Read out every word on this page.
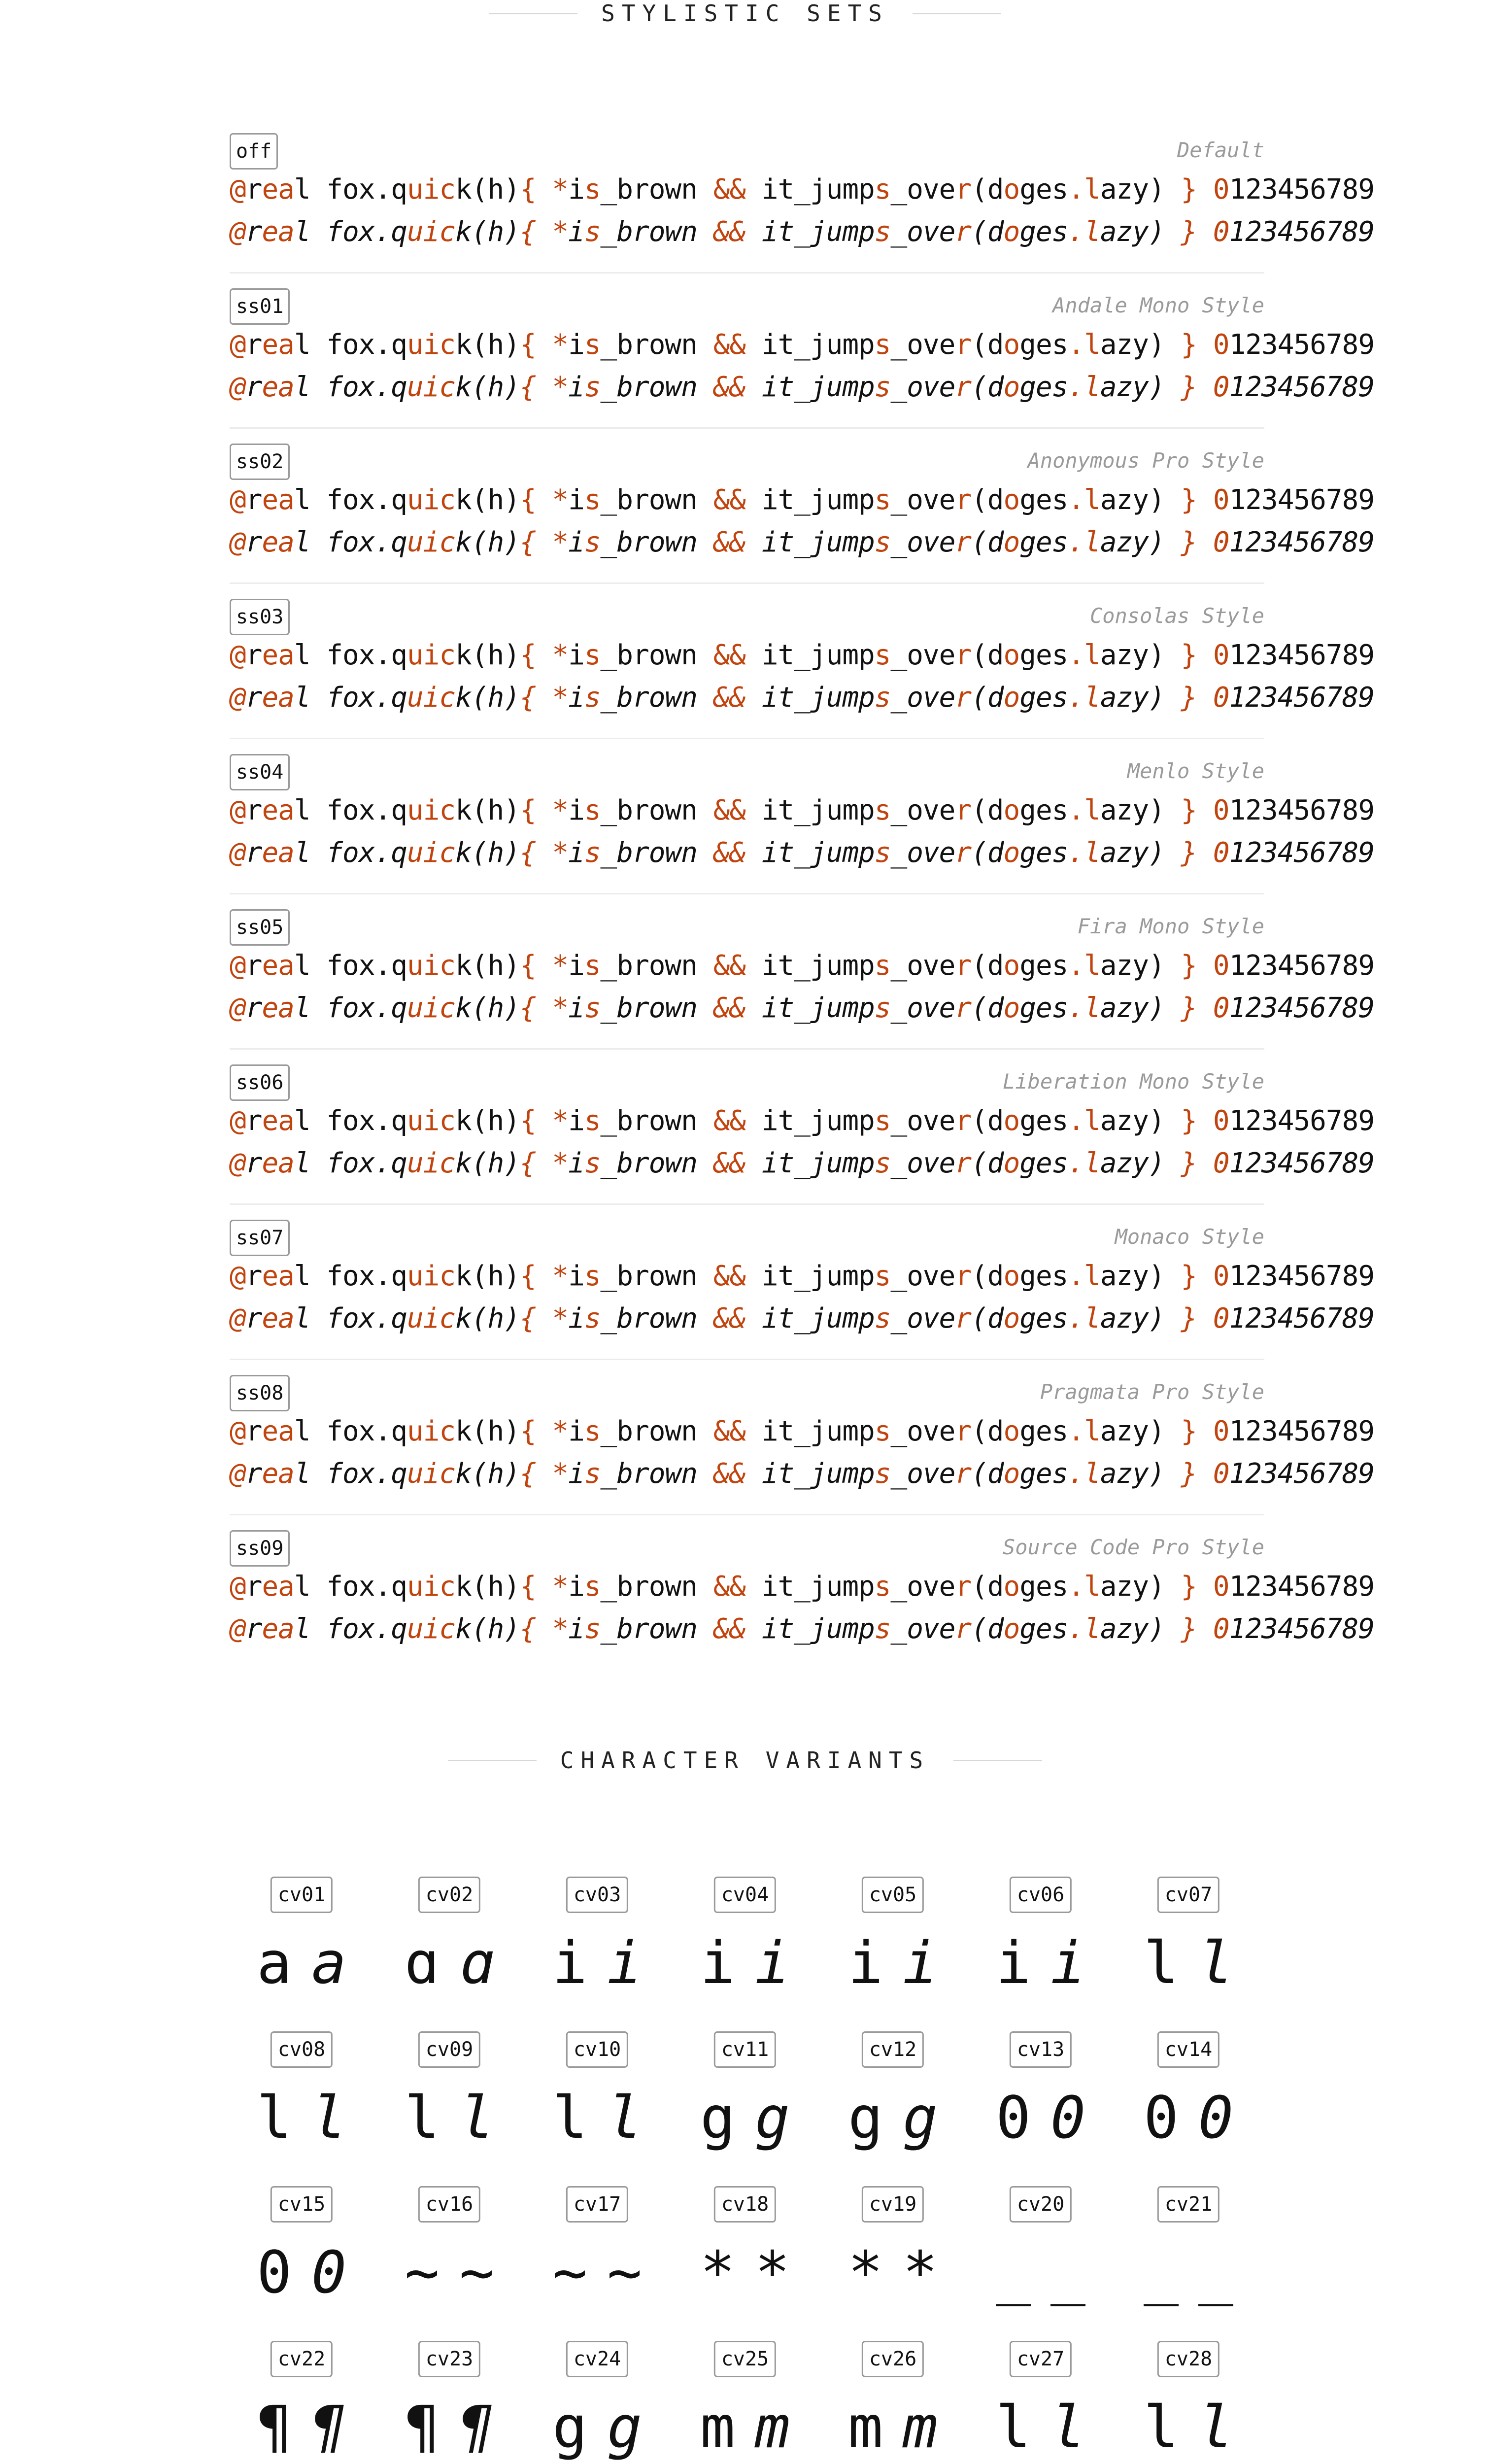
STYLISTIC SETS
off	Default
@real fox.quick(h){ *is_brown && it_jumps_over(doges.lazy) } 0123456789
@real fox.quick(h){ *is_brown && it_jumps_over(doges.lazy) } 0123456789
ss01	Andale Mono Style
@real fox.quick(h){ *is_brown && it_jumps_over(doges.lazy) } 0123456789
@real fox.quick(h){ *is_brown && it_jumps_over(doges.lazy) } 0123456789
ss02	Anonymous Pro Style
@real fox.quick(h){ *is_brown && it_jumps_over(doges.lazy) } 0123456789
@real fox.quick(h){ *is_brown && it_jumps_over(doges.lazy) } 0123456789
ss03	Consolas Style
@real fox.quick(h){ *is_brown && it_jumps_over(doges.lazy) } 0123456789
@real fox.quick(h){ *is_brown && it_jumps_over(doges.lazy) } 0123456789
ss04	Menlo Style
@real fox.quick(h){ *is_brown && it_jumps_over(doges.lazy) } 0123456789
@real fox.quick(h){ *is_brown && it_jumps_over(doges.lazy) } 0123456789
ss05	Fira Mono Style
@real fox.quick(h){ *is_brown && it_jumps_over(doges.lazy) } 0123456789
@real fox.quick(h){ *is_brown && it_jumps_over(doges.lazy) } 0123456789
ss06	Liberation Mono Style
@real fox.quick(h){ *is_brown && it_jumps_over(doges.lazy) } 0123456789
@real fox.quick(h){ *is_brown && it_jumps_over(doges.lazy) } 0123456789
ss07	Monaco Style
@real fox.quick(h){ *is_brown && it_jumps_over(doges.lazy) } 0123456789
@real fox.quick(h){ *is_brown && it_jumps_over(doges.lazy) } 0123456789
ss08	Pragmata Pro Style
@real fox.quick(h){ *is_brown && it_jumps_over(doges.lazy) } 0123456789
@real fox.quick(h){ *is_brown && it_jumps_over(doges.lazy) } 0123456789
ss09	Source Code Pro Style
@real fox.quick(h){ *is_brown && it_jumps_over(doges.lazy) } 0123456789
@real fox.quick(h){ *is_brown && it_jumps_over(doges.lazy) } 0123456789
CHARACTER VARIANTS
cv01
a a
cv02
ɑ ɑ
cv03
i i
cv04
i i
cv05
i i
cv06
i i
cv07
l l
cv08
l l
cv09
l l
cv10
l l
cv11
g g
cv12
g g
cv13
0 0
cv14
0 0
cv15
0 0
cv16
~ ~
cv17
~ ~
cv18
* *
cv19
* *
cv20
_ _
cv21
_ _
cv22
¶ ¶
cv23
¶ ¶
cv24
g g
cv25
m m
cv26
m m
cv27
l l
cv28
l l
